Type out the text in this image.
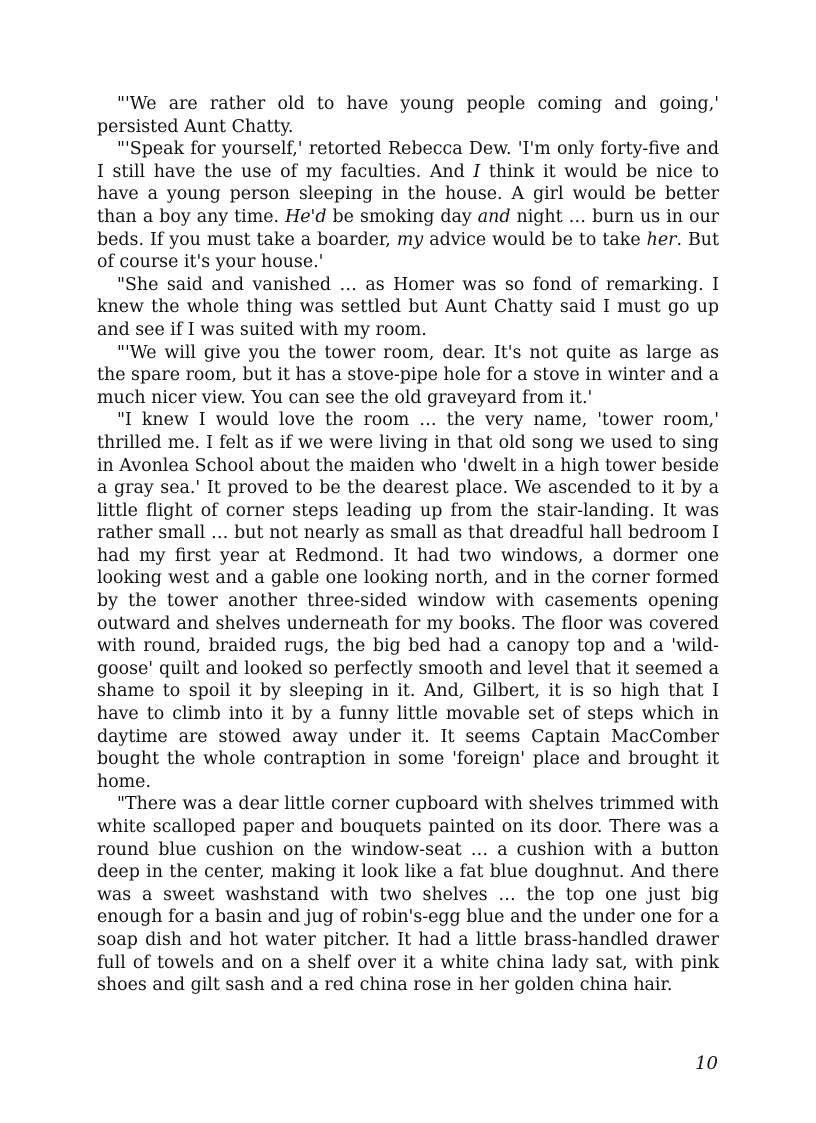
"'We are rather old to have young people coming and going,' persisted Aunt Chatty.

"'Speak for yourself,' retorted Rebecca Dew. 'I'm only forty-five and I still have the use of my faculties. And I think it would be nice to have a young person sleeping in the house. A girl would be better than a boy any time. He'd be smoking day and night … burn us in our beds. If you must take a boarder, my advice would be to take her. But of course it's your house.'

"She said and vanished … as Homer was so fond of remarking. I knew the whole thing was settled but Aunt Chatty said I must go up and see if I was suited with my room.

"'We will give you the tower room, dear. It's not quite as large as the spare room, but it has a stove-pipe hole for a stove in winter and a much nicer view. You can see the old graveyard from it.'

"I knew I would love the room … the very name, 'tower room,' thrilled me. I felt as if we were living in that old song we used to sing in Avonlea School about the maiden who 'dwelt in a high tower beside a gray sea.' It proved to be the dearest place. We ascended to it by a little flight of corner steps leading up from the stair-landing. It was rather small … but not nearly as small as that dreadful hall bedroom I had my first year at Redmond. It had two windows, a dormer one looking west and a gable one looking north, and in the corner formed by the tower another three-sided window with casements opening outward and shelves underneath for my books. The floor was covered with round, braided rugs, the big bed had a canopy top and a 'wild-goose' quilt and looked so perfectly smooth and level that it seemed a shame to spoil it by sleeping in it. And, Gilbert, it is so high that I have to climb into it by a funny little movable set of steps which in daytime are stowed away under it. It seems Captain MacComber bought the whole contraption in some 'foreign' place and brought it home.

"There was a dear little corner cupboard with shelves trimmed with white scalloped paper and bouquets painted on its door. There was a round blue cushion on the window-seat … a cushion with a button deep in the center, making it look like a fat blue doughnut. And there was a sweet washstand with two shelves … the top one just big enough for a basin and jug of robin's-egg blue and the under one for a soap dish and hot water pitcher. It had a little brass-handled drawer full of towels and on a shelf over it a white china lady sat, with pink shoes and gilt sash and a red china rose in her golden china hair.

10
